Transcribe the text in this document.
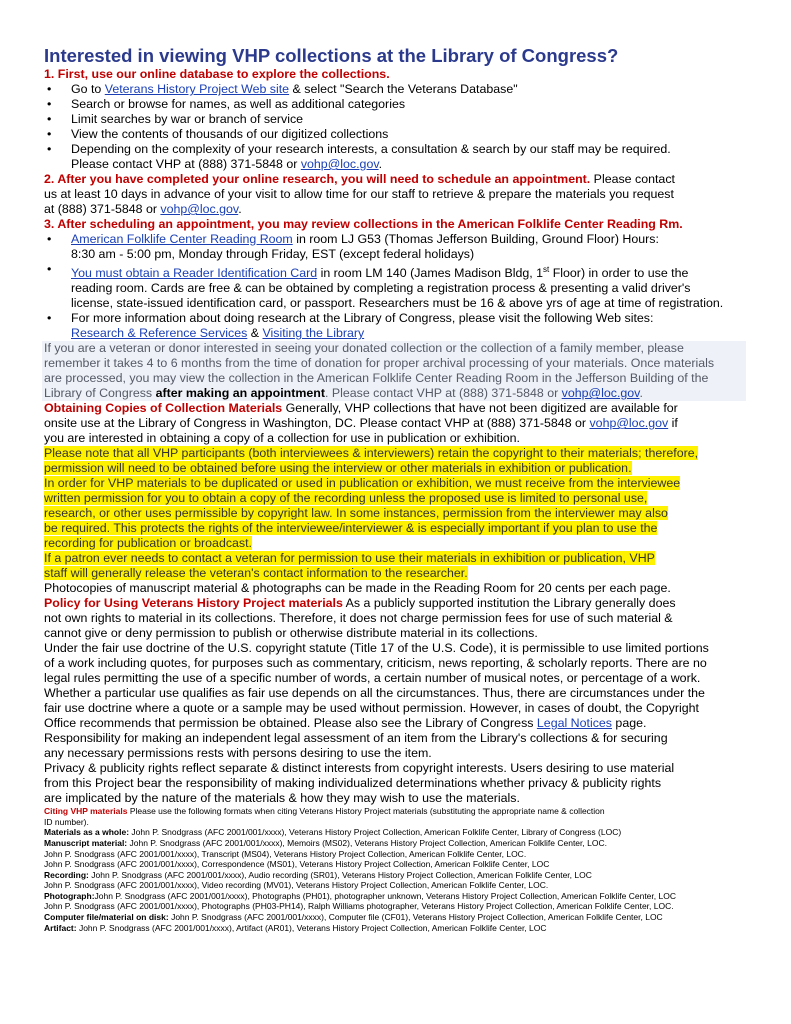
Interested in viewing VHP collections at the Library of Congress?
1. First, use our online database to explore the collections.
• Go to Veterans History Project Web site & select "Search the Veterans Database"
• Search or browse for names, as well as additional categories
• Limit searches by war or branch of service
• View the contents of thousands of our digitized collections
• Depending on the complexity of your research interests, a consultation & search by our staff may be required.
Please contact VHP at (888) 371-5848 or vohp@loc.gov.

2. After you have completed your online research, you will need to schedule an appointment. Please contact
us at least 10 days in advance of your visit to allow time for our staff to retrieve & prepare the materials you request
at (888) 371-5848 or vohp@loc.gov.

3. After scheduling an appointment, you may review collections in the American Folklife Center Reading Rm.
• American Folklife Center Reading Room in room LJ G53 (Thomas Jefferson Building, Ground Floor) Hours:
8:30 am - 5:00 pm, Monday through Friday, EST (except federal holidays)
• You must obtain a Reader Identification Card in room LM 140 (James Madison Bldg, 1st Floor) in order to use the
reading room. Cards are free & can be obtained by completing a registration process & presenting a valid driver's
license, state-issued identification card, or passport. Researchers must be 16 & above yrs of age at time of registration.
• For more information about doing research at the Library of Congress, please visit the following Web sites:
Research & Reference Services & Visiting the Library
If you are a veteran or donor interested in seeing your donated collection or the collection of a family member, please
remember it takes 4 to 6 months from the time of donation for proper archival processing of your materials. Once materials
are processed, you may view the collection in the American Folklife Center Reading Room in the Jefferson Building of the
Library of Congress after making an appointment. Please contact VHP at (888) 371-5848 or vohp@loc.gov.

Obtaining Copies of Collection Materials Generally, VHP collections that have not been digitized are available for
onsite use at the Library of Congress in Washington, DC. Please contact VHP at (888) 371-5848 or vohp@loc.gov if
you are interested in obtaining a copy of a collection for use in publication or exhibition.

Please note that all VHP participants (both interviewees & interviewers) retain the copyright to their materials; therefore,
permission will need to be obtained before using the interview or other materials in exhibition or publication.
In order for VHP materials to be duplicated or used in publication or exhibition, we must receive from the interviewee
written permission for you to obtain a copy of the recording unless the proposed use is limited to personal use,
research, or other uses permissible by copyright law. In some instances, permission from the interviewer may also
be required. This protects the rights of the interviewee/interviewer & is especially important if you plan to use the
recording for publication or broadcast.
If a patron ever needs to contact a veteran for permission to use their materials in exhibition or publication, VHP
staff will generally release the veteran's contact information to the researcher.

Photocopies of manuscript material & photographs can be made in the Reading Room for 20 cents per each page.

Policy for Using Veterans History Project materials As a publicly supported institution the Library generally does
not own rights to material in its collections. Therefore, it does not charge permission fees for use of such material &
cannot give or deny permission to publish or otherwise distribute material in its collections.

Under the fair use doctrine of the U.S. copyright statute (Title 17 of the U.S. Code), it is permissible to use limited portions
of a work including quotes, for purposes such as commentary, criticism, news reporting, & scholarly reports. There are no
legal rules permitting the use of a specific number of words, a certain number of musical notes, or percentage of a work.
Whether a particular use qualifies as fair use depends on all the circumstances. Thus, there are circumstances under the
fair use doctrine where a quote or a sample may be used without permission. However, in cases of doubt, the Copyright
Office recommends that permission be obtained. Please also see the Library of Congress Legal Notices page.
Responsibility for making an independent legal assessment of an item from the Library's collections & for securing
any necessary permissions rests with persons desiring to use the item.
Privacy & publicity rights reflect separate & distinct interests from copyright interests. Users desiring to use material
from this Project bear the responsibility of making individualized determinations whether privacy & publicity rights
are implicated by the nature of the materials & how they may wish to use the materials.

Citing VHP materials Please use the following formats when citing Veterans History Project materials (substituting the appropriate name & collection
ID number).

Materials as a whole: John P. Snodgrass (AFC 2001/001/xxxx), Veterans History Project Collection, American Folklife Center, Library of Congress (LOC)

Manuscript material: John P. Snodgrass (AFC 2001/001/xxxx), Memoirs (MS02), Veterans History Project Collection, American Folklife Center, LOC.

John P. Snodgrass (AFC 2001/001/xxxx), Transcript (MS04), Veterans History Project Collection, American Folklife Center, LOC.

John P. Snodgrass (AFC 2001/001/xxxx), Correspondence (MS01), Veterans History Project Collection, American Folklife Center, LOC

Recording: John P. Snodgrass (AFC 2001/001/xxxx), Audio recording (SR01), Veterans History Project Collection, American Folklife Center, LOC

John P. Snodgrass (AFC 2001/001/xxxx), Video recording (MV01), Veterans History Project Collection, American Folklife Center, LOC.

Photograph:John P. Snodgrass (AFC 2001/001/xxxx), Photographs (PH01), photographer unknown, Veterans History Project Collection, American Folklife Center, LOC

John P. Snodgrass (AFC 2001/001/xxxx), Photographs (PH03-PH14), Ralph Williams photographer, Veterans History Project Collection, American Folklife Center, LOC.

Computer file/material on disk: John P. Snodgrass (AFC 2001/001/xxxx), Computer file (CF01), Veterans History Project Collection, American Folklife Center, LOC

Artifact: John P. Snodgrass (AFC 2001/001/xxxx), Artifact (AR01), Veterans History Project Collection, American Folklife Center, LOC
